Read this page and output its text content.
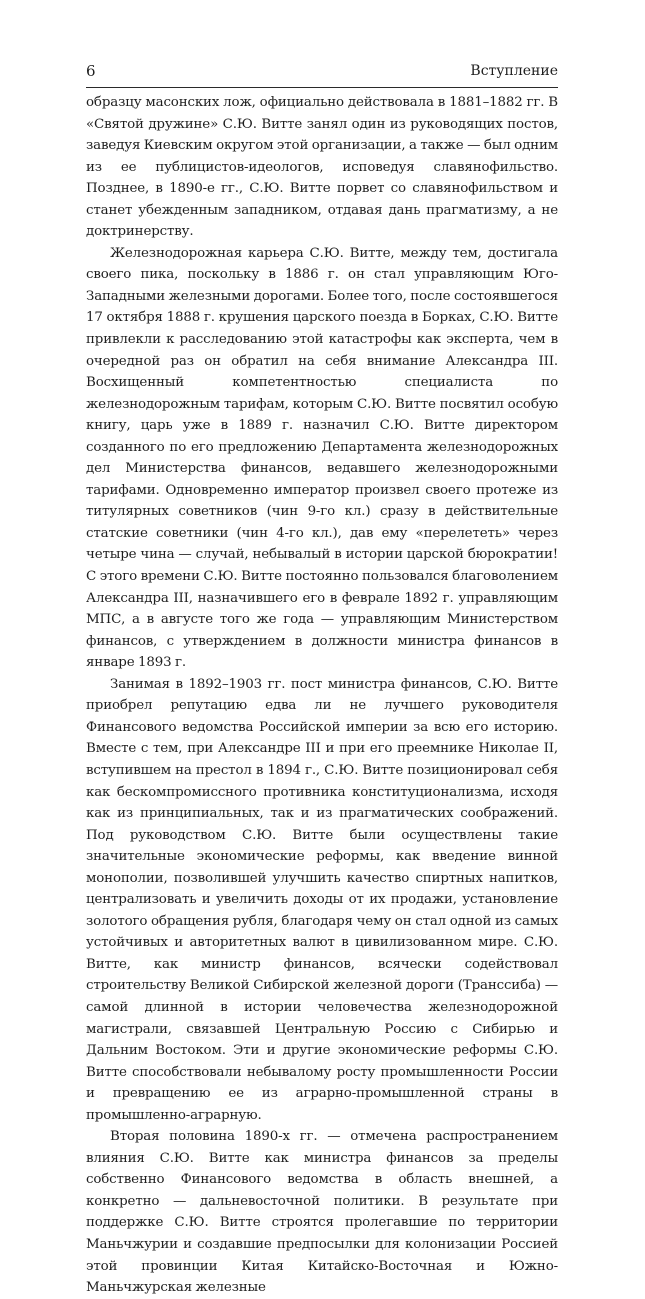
6	Вступление

образцу масонских лож, официально действовала в 1881–1882 гг. В «Святой дружине» С.Ю. Витте занял один из руководящих постов, заведуя Киевским округом этой организации, а также — был одним из ее публицистов-идеологов, исповедуя славянофильство. Позднее, в 1890-е гг., С.Ю. Витте порвет со славянофильством и станет убежденным западником, отдавая дань прагматизму, а не доктринерству.

Железнодорожная карьера С.Ю. Витте, между тем, достигала своего пика, поскольку в 1886 г. он стал управляющим Юго-Западными железными дорогами. Более того, после состоявшегося 17 октября 1888 г. крушения царского поезда в Борках, С.Ю. Витте привлекли к расследованию этой катастрофы как эксперта, чем в очередной раз он обратил на себя внимание Александра III. Восхищенный компетентностью специалиста по железнодорожным тарифам, которым С.Ю. Витте посвятил особую книгу, царь уже в 1889 г. назначил С.Ю. Витте директором созданного по его предложению Департамента железнодорожных дел Министерства финансов, ведавшего железнодорожными тарифами. Одновременно император произвел своего протеже из титулярных советников (чин 9-го кл.) сразу в действительные статские советники (чин 4-го кл.), дав ему «перелететь» через четыре чина — случай, небывалый в истории царской бюрократии! С этого времени С.Ю. Витте постоянно пользовался благоволением Александра III, назначившего его в феврале 1892 г. управляющим МПС, а в августе того же года — управляющим Министерством финансов, с утверждением в должности министра финансов в январе 1893 г.

Занимая в 1892–1903 гг. пост министра финансов, С.Ю. Витте приобрел репутацию едва ли не лучшего руководителя Финансового ведомства Российской империи за всю его историю. Вместе с тем, при Александре III и при его преемнике Николае II, вступившем на престол в 1894 г., С.Ю. Витте позиционировал себя как бескомпромиссного противника конституционализма, исходя как из принципиальных, так и из прагматических соображений. Под руководством С.Ю. Витте были осуществлены такие значительные экономические реформы, как введение винной монополии, позволившей улучшить качество спиртных напитков, централизовать и увеличить доходы от их продажи, установление золотого обращения рубля, благодаря чему он стал одной из самых устойчивых и авторитетных валют в цивилизованном мире. С.Ю. Витте, как министр финансов, всячески содействовал строительству Великой Сибирской железной дороги (Транссиба) — самой длинной в истории человечества железнодорожной магистрали, связавшей Центральную Россию с Сибирью и Дальним Востоком. Эти и другие экономические реформы С.Ю. Витте способствовали небывалому росту промышленности России и превращению ее из аграрно-промышленной страны в промышленно-аграрную.

Вторая половина 1890-х гг. — отмечена распространением влияния С.Ю. Витте как министра финансов за пределы собственно Финансового ведомства в область внешней, а конкретно — дальневосточной политики. В результате при поддержке С.Ю. Витте строятся пролегавшие по территории Маньчжурии и создавшие предпосылки для колонизации Россией этой провинции Китая Китайско-Восточная и Южно-Маньчжурская железные
